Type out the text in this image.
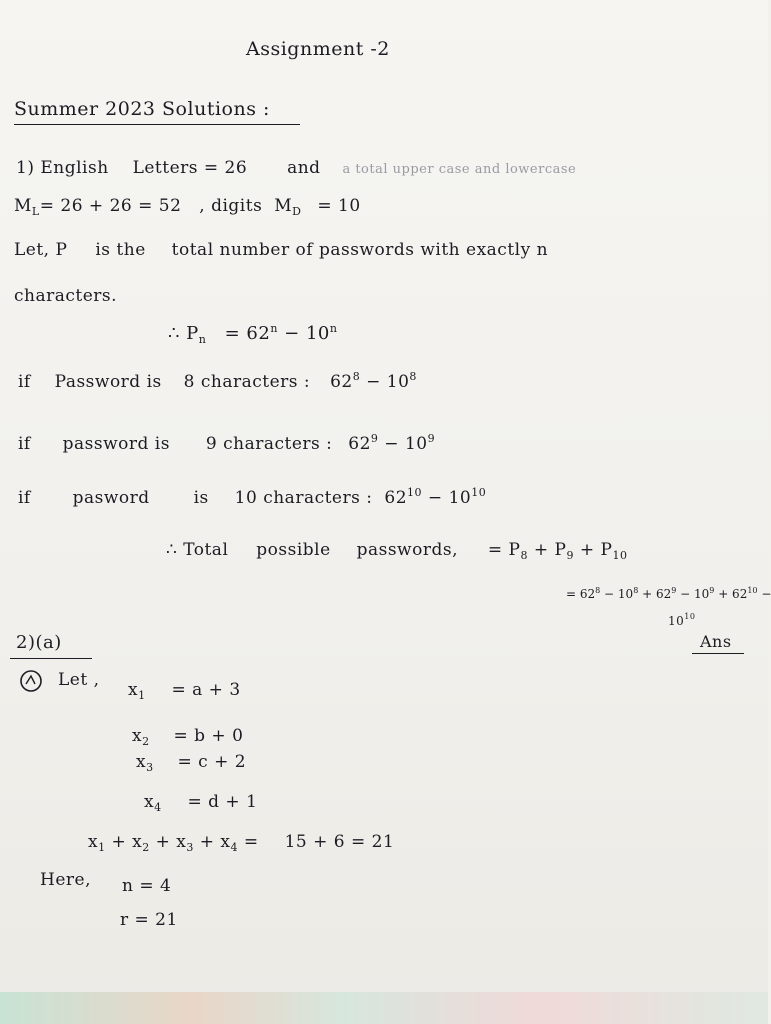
Assignment -2
Summer 2023 Solutions :
1) English Letters = 26 and a total upper case and lowercase
$M_L= 26 + 26 = 52$ , digits $M_D = 10$
Let, P is the total number of passwords with exactly n
characters.
∴ $P_n = 62^n - 10^n$
if Password is 8 characters : $62^8 - 10^8$
if password is 9 characters : $62^9 - 10^9$
if pasword	is 10 characters : $62^{10} - 10^{10}$
∴ Total possible passwords, = $P_8 + P_9 + P_{10}$
= $62^8 - 10^8 + 62^9 - 10^9 + 62^{10}$ −
$10^{10}$
Ans
2)(a)
Let , $x_1 = a + 3$
$x_2 = b + 0$
$x_3 = c + 2$
$x_4 = d + 1$
$x_1 + x_2 + x_3 + x_4 = 15 + 6 = 21$
Here, n = 4
r = 21
